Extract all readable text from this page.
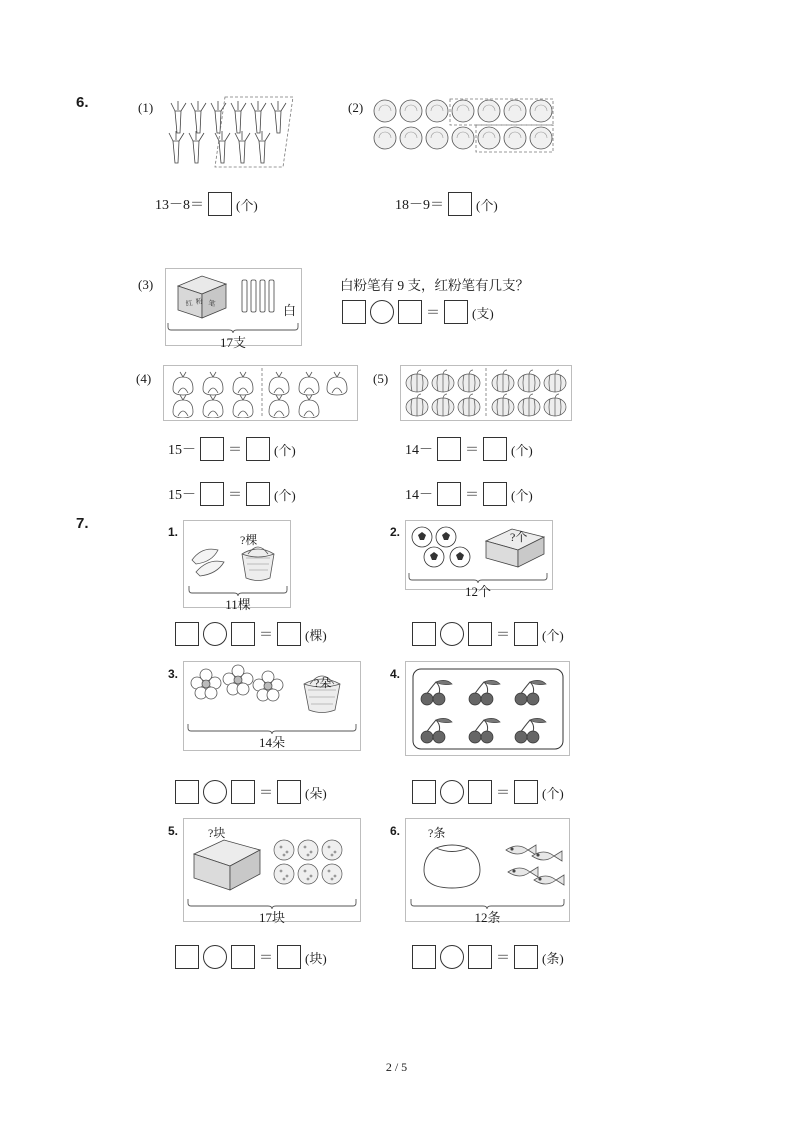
6.	(1)
13－8＝ (个)
(2)
18－9＝ (个)
(3)
红 粉 笔	白
17支
白粉笔有 9 支，红粉笔有几支？
＝ (支)
(4)
15－ ＝ (个)
15－ ＝ (个)
(5)
14－ ＝ (个)
14－ ＝ (个)
7.	1.
?棵
11棵
＝ (棵)
2.	?个
12个
＝ (个)
3.
?朵
14朵
＝ (朵)
4.
＝ (个)
5. ?块
17块
＝ (块)
6. ?条
12条
＝ (条)
2 / 5
